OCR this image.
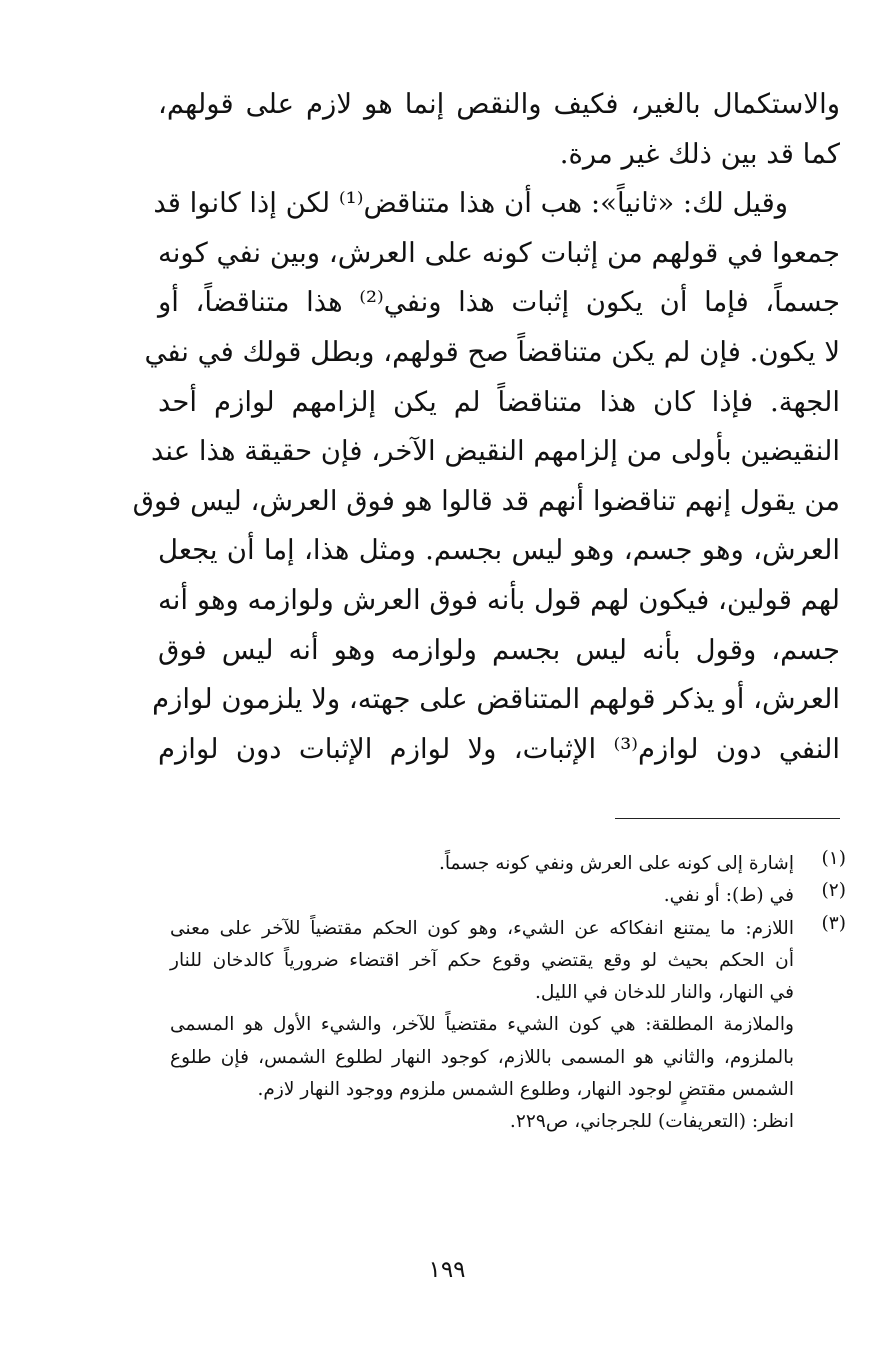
والاستكمال بالغير، فكيف والنقص إنما هو لازم على قولهم،
كما قد بين ذلك غير مرة.
وقيل لك: «ثانياً»: هب أن هذا متناقض⁽¹⁾ لكن إذا كانوا قد
جمعوا في قولهم من إثبات كونه على العرش، وبين نفي كونه
جسماً، فإما أن يكون إثبات هذا ونفي⁽²⁾ هذا متناقضاً، أو
لا يكون. فإن لم يكن متناقضاً صح قولهم، وبطل قولك في نفي
الجهة. فإذا كان هذا متناقضاً لم يكن إلزامهم لوازم أحد
النقيضين بأولى من إلزامهم النقيض الآخر، فإن حقيقة هذا عند
من يقول إنهم تناقضوا أنهم قد قالوا هو فوق العرش، ليس فوق
العرش، وهو جسم، وهو ليس بجسم. ومثل هذا، إما أن يجعل
لهم قولين، فيكون لهم قول بأنه فوق العرش ولوازمه وهو أنه
جسم، وقول بأنه ليس بجسم ولوازمه وهو أنه ليس فوق
العرش، أو يذكر قولهم المتناقض على جهته، ولا يلزمون لوازم
النفي دون لوازم⁽³⁾ الإثبات، ولا لوازم الإثبات دون لوازم
(١)
إشارة إلى كونه على العرش ونفي كونه جسماً.
(٢)
في (ط): أو نفي.
(٣)
اللازم: ما يمتنع انفكاكه عن الشيء، وهو كون الحكم مقتضياً للآخر على معنى
أن الحكم بحيث لو وقع يقتضي وقوع حكم آخر اقتضاء ضرورياً كالدخان للنار
في النهار، والنار للدخان في الليل.
والملازمة المطلقة: هي كون الشيء مقتضياً للآخر، والشيء الأول هو المسمى
بالملزوم، والثاني هو المسمى باللازم، كوجود النهار لطلوع الشمس، فإن طلوع
الشمس مقتضٍ لوجود النهار، وطلوع الشمس ملزوم ووجود النهار لازم.
انظر: (التعريفات) للجرجاني، ص٢٢٩.
١٩٩
